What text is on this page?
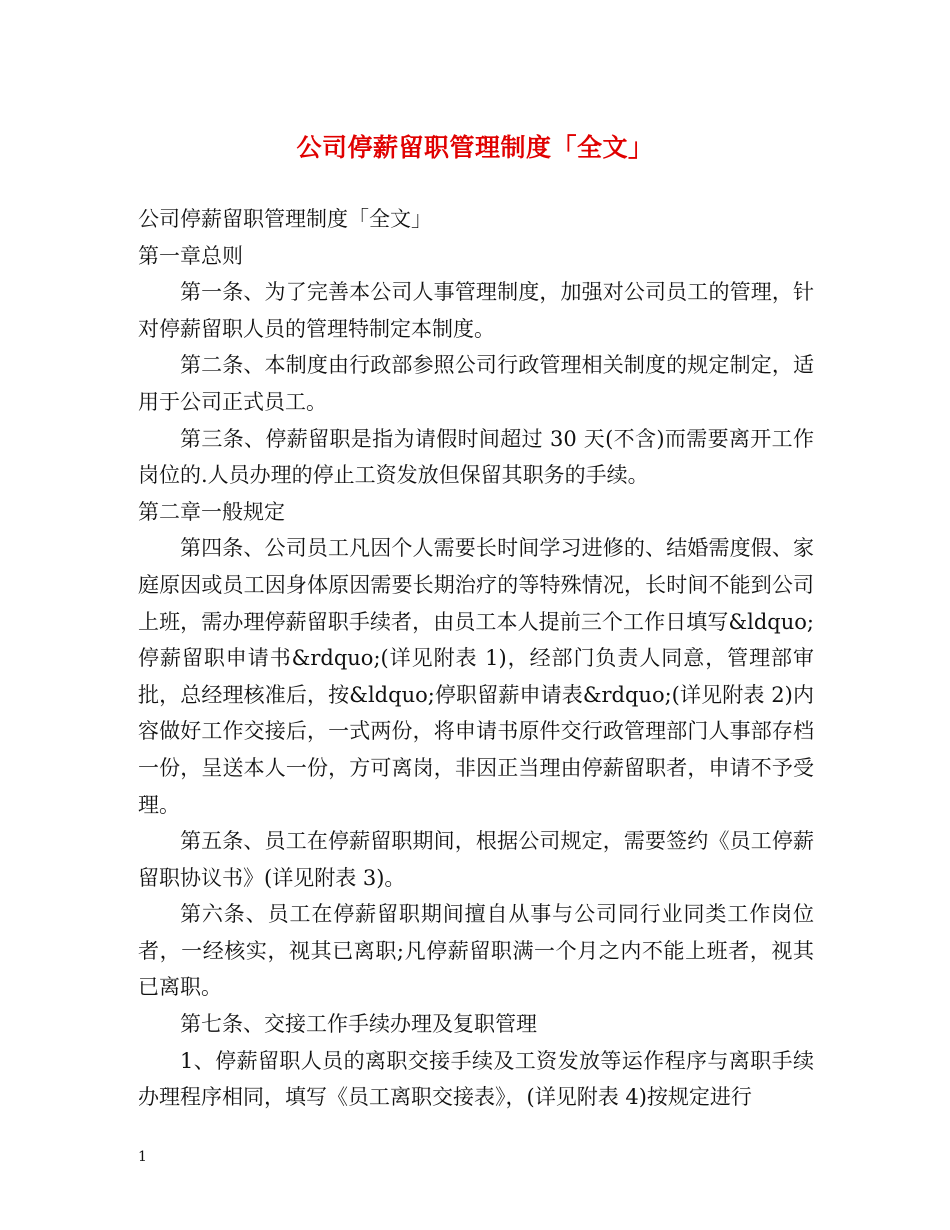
公司停薪留职管理制度「全文」

公司停薪留职管理制度「全文」

第一章总则

第一条、为了完善本公司人事管理制度，加强对公司员工的管理，针对停薪留职人员的管理特制定本制度。

第二条、本制度由行政部参照公司行政管理相关制度的规定制定，适用于公司正式员工。

第三条、停薪留职是指为请假时间超过 30 天(不含)而需要离开工作岗位的.人员办理的停止工资发放但保留其职务的手续。

第二章一般规定

第四条、公司员工凡因个人需要长时间学习进修的、结婚需度假、家庭原因或员工因身体原因需要长期治疗的等特殊情况，长时间不能到公司上班，需办理停薪留职手续者，由员工本人提前三个工作日填写&ldquo;停薪留职申请书&rdquo;(详见附表 1)，经部门负责人同意，管理部审批，总经理核准后，按&ldquo;停职留薪申请表&rdquo;(详见附表 2)内容做好工作交接后，一式两份，将申请书原件交行政管理部门人事部存档一份，呈送本人一份，方可离岗，非因正当理由停薪留职者，申请不予受理。

第五条、员工在停薪留职期间，根据公司规定，需要签约《员工停薪留职协议书》(详见附表 3)。

第六条、员工在停薪留职期间擅自从事与公司同行业同类工作岗位者，一经核实，视其已离职;凡停薪留职满一个月之内不能上班者，视其已离职。

第七条、交接工作手续办理及复职管理

1、停薪留职人员的离职交接手续及工资发放等运作程序与离职手续办理程序相同，填写《员工离职交接表》，(详见附表 4)按规定进行

1
